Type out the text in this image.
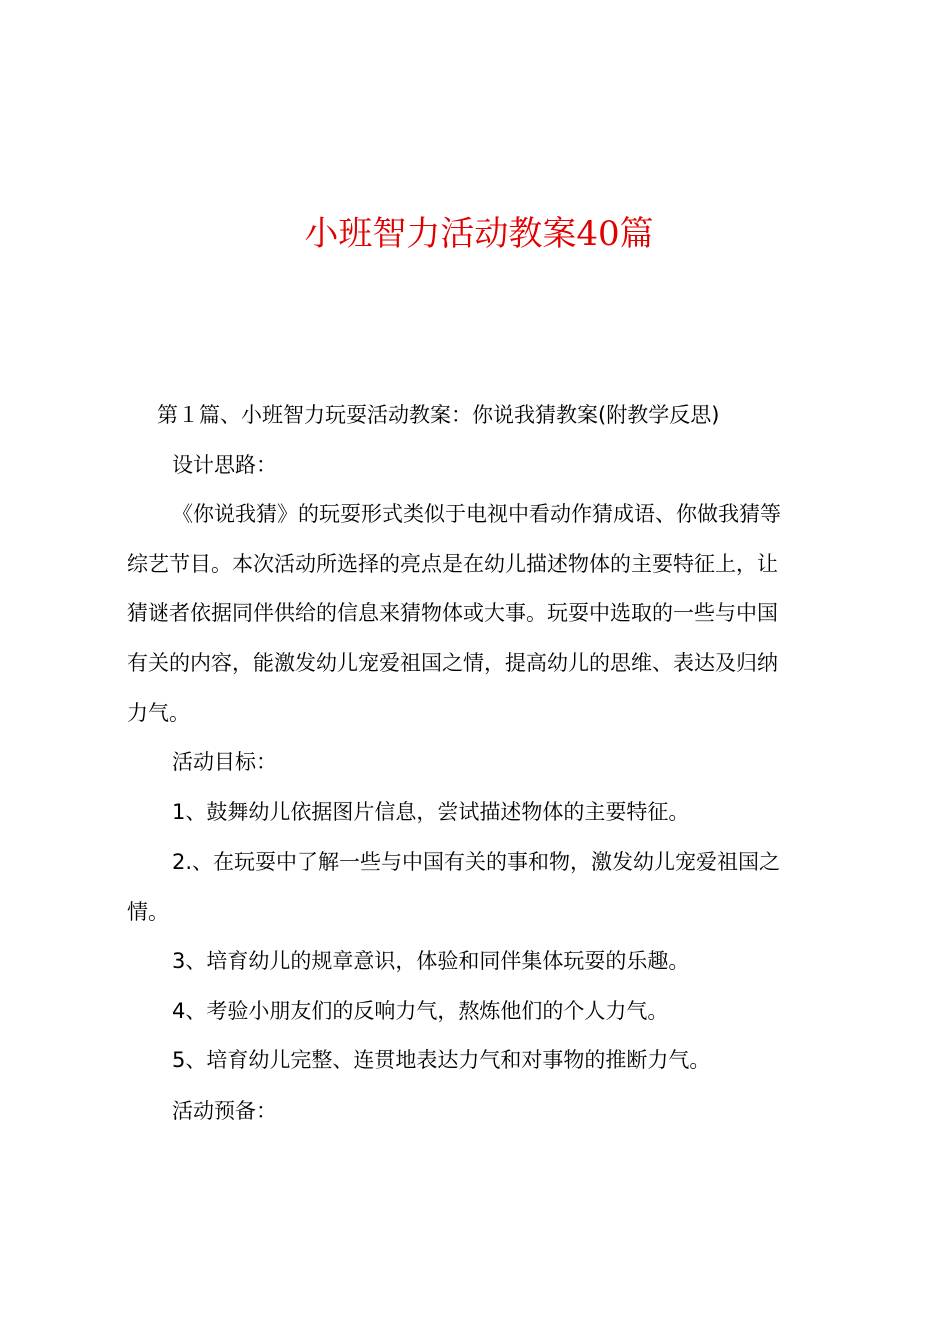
小班智力活动教案40篇
第１篇、小班智力玩耍活动教案：你说我猜教案(附教学反思)
设计思路：
《你说我猜》的玩耍形式类似于电视中看动作猜成语、你做我猜等
综艺节目。本次活动所选择的亮点是在幼儿描述物体的主要特征上，让
猜谜者依据同伴供给的信息来猜物体或大事。玩耍中选取的一些与中国
有关的内容，能激发幼儿宠爱祖国之情，提高幼儿的思维、表达及归纳
力气。
活动目标：
1、鼓舞幼儿依据图片信息，尝试描述物体的主要特征。
2.、在玩耍中了解一些与中国有关的事和物，激发幼儿宠爱祖国之
情。
3、培育幼儿的规章意识，体验和同伴集体玩耍的乐趣。
4、考验小朋友们的反响力气，熬炼他们的个人力气。
5、培育幼儿完整、连贯地表达力气和对事物的推断力气。
活动预备：
